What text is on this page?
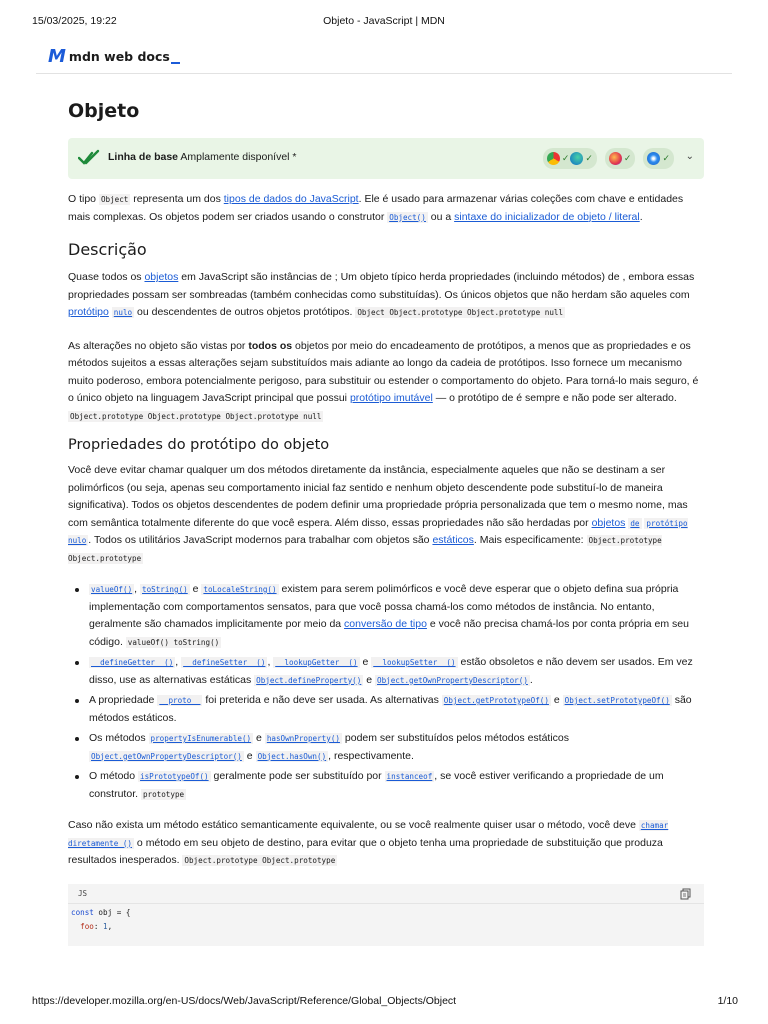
15/03/2025, 19:22	Objeto - JavaScript | MDN
M mdn web docs
Objeto
Linha de base Amplamente disponível *	✓ ✓	✓	✓ ⌄

O tipo Object representa um dos tipos de dados do JavaScript. Ele é usado para armazenar várias coleções com chave e entidades mais complexas. Os objetos podem ser criados usando o construtor Object() ou a sintaxe do inicializador de objeto / literal.

Descrição

Quase todos os objetos em JavaScript são instâncias de ; Um objeto típico herda propriedades (incluindo métodos) de , embora essas propriedades possam ser sombreadas (também conhecidas como substituídas). Os únicos objetos que não herdam são aqueles com protótipo nulo ou descendentes de outros objetos protótipos. Object Object.prototype Object.prototype null

As alterações no objeto são vistas por todos os objetos por meio do encadeamento de protótipos, a menos que as propriedades e os métodos sujeitos a essas alterações sejam substituídos mais adiante ao longo da cadeia de protótipos. Isso fornece um mecanismo muito poderoso, embora potencialmente perigoso, para substituir ou estender o comportamento do objeto. Para torná-lo mais seguro, é o único objeto na linguagem JavaScript principal que possui protótipo imutável — o protótipo de é sempre e não pode ser alterado. Object.prototype Object.prototype Object.prototype null

Propriedades do protótipo do objeto

Você deve evitar chamar qualquer um dos métodos diretamente da instância, especialmente aqueles que não se destinam a ser polimórficos (ou seja, apenas seu comportamento inicial faz sentido e nenhum objeto descendente pode substituí-lo de maneira significativa). Todos os objetos descendentes de podem definir uma propriedade própria personalizada que tem o mesmo nome, mas com semântica totalmente diferente do que você espera. Além disso, essas propriedades não são herdadas por objetos de protótipo nulo . Todos os utilitários JavaScript modernos para trabalhar com objetos são estáticos. Mais especificamente: Object.prototype Object.prototype

valueOf() , toString() e toLocaleString() existem para serem polimórficos e você deve esperar que o objeto defina sua própria implementação com comportamentos sensatos, para que você possa chamá-los como métodos de instância. No entanto, geralmente são chamados implicitamente por meio da conversão de tipo e você não precisa chamá-los por conta própria em seu código. valueOf() toString()
__defineGetter__() , __defineSetter__() , __lookupGetter__() e __lookupSetter__() estão obsoletos e não devem ser usados. Em vez disso, use as alternativas estáticas Object.defineProperty() e Object.getOwnPropertyDescriptor() .
A propriedade __proto__ foi preterida e não deve ser usada. As alternativas Object.getPrototypeOf() e Object.setPrototypeOf() são métodos estáticos.
Os métodos propertyIsEnumerable() e hasOwnProperty() podem ser substituídos pelos métodos estáticos Object.getOwnPropertyDescriptor() e Object.hasOwn() , respectivamente.
O método isPrototypeOf() geralmente pode ser substituído por instanceof , se você estiver verificando a propriedade de um construtor. prototype

Caso não exista um método estático semanticamente equivalente, ou se você realmente quiser usar o método, você deve chamar diretamente () o método em seu objeto de destino, para evitar que o objeto tenha uma propriedade de substituição que produza resultados inesperados. Object.prototype Object.prototype

JS
const obj = {
foo: 1,
https://developer.mozilla.org/en-US/docs/Web/JavaScript/Reference/Global_Objects/Object	1/10
